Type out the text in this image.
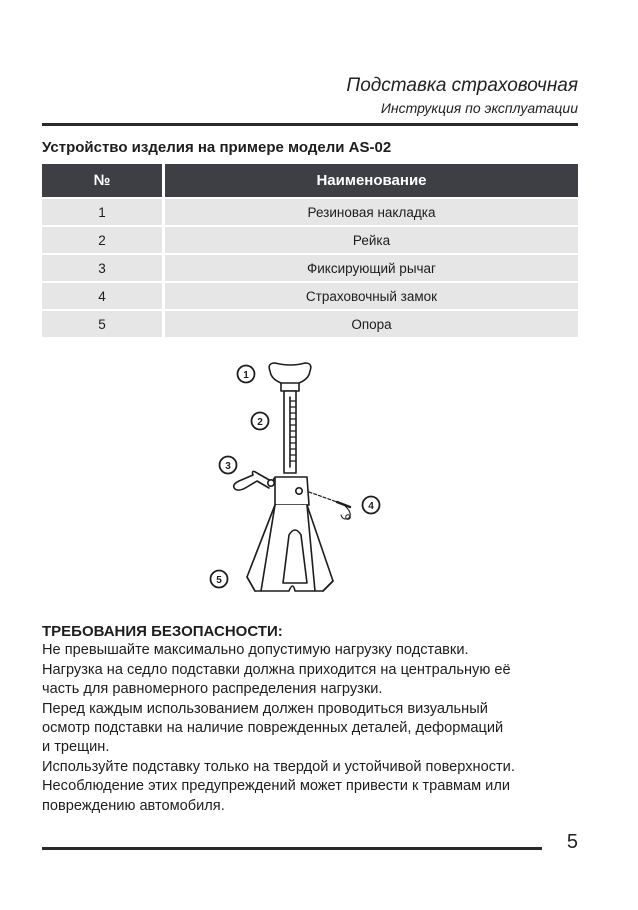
Подставка страховочная
Инструкция по эксплуатации
Устройство изделия на примере модели AS-02
№	Наименование
1	Резиновая накладка
2	Рейка
3	Фиксирующий рычаг
4	Страховочный замок
5	Опора
1
2
3
4
5

ТРЕБОВАНИЯ БЕЗОПАСНОСТИ:

Не превышайте максимально допустимую нагрузку подставки.

Нагрузка на седло подставки должна приходится на центральную её

часть для равномерного распределения нагрузки.

Перед каждым использованием должен проводиться визуальный

осмотр подставки на наличие поврежденных деталей, деформаций

и трещин.

Используйте подставку только на твердой и устойчивой поверхности.

Несоблюдение этих предупреждений может привести к травмам или

повреждению автомобиля.

5
